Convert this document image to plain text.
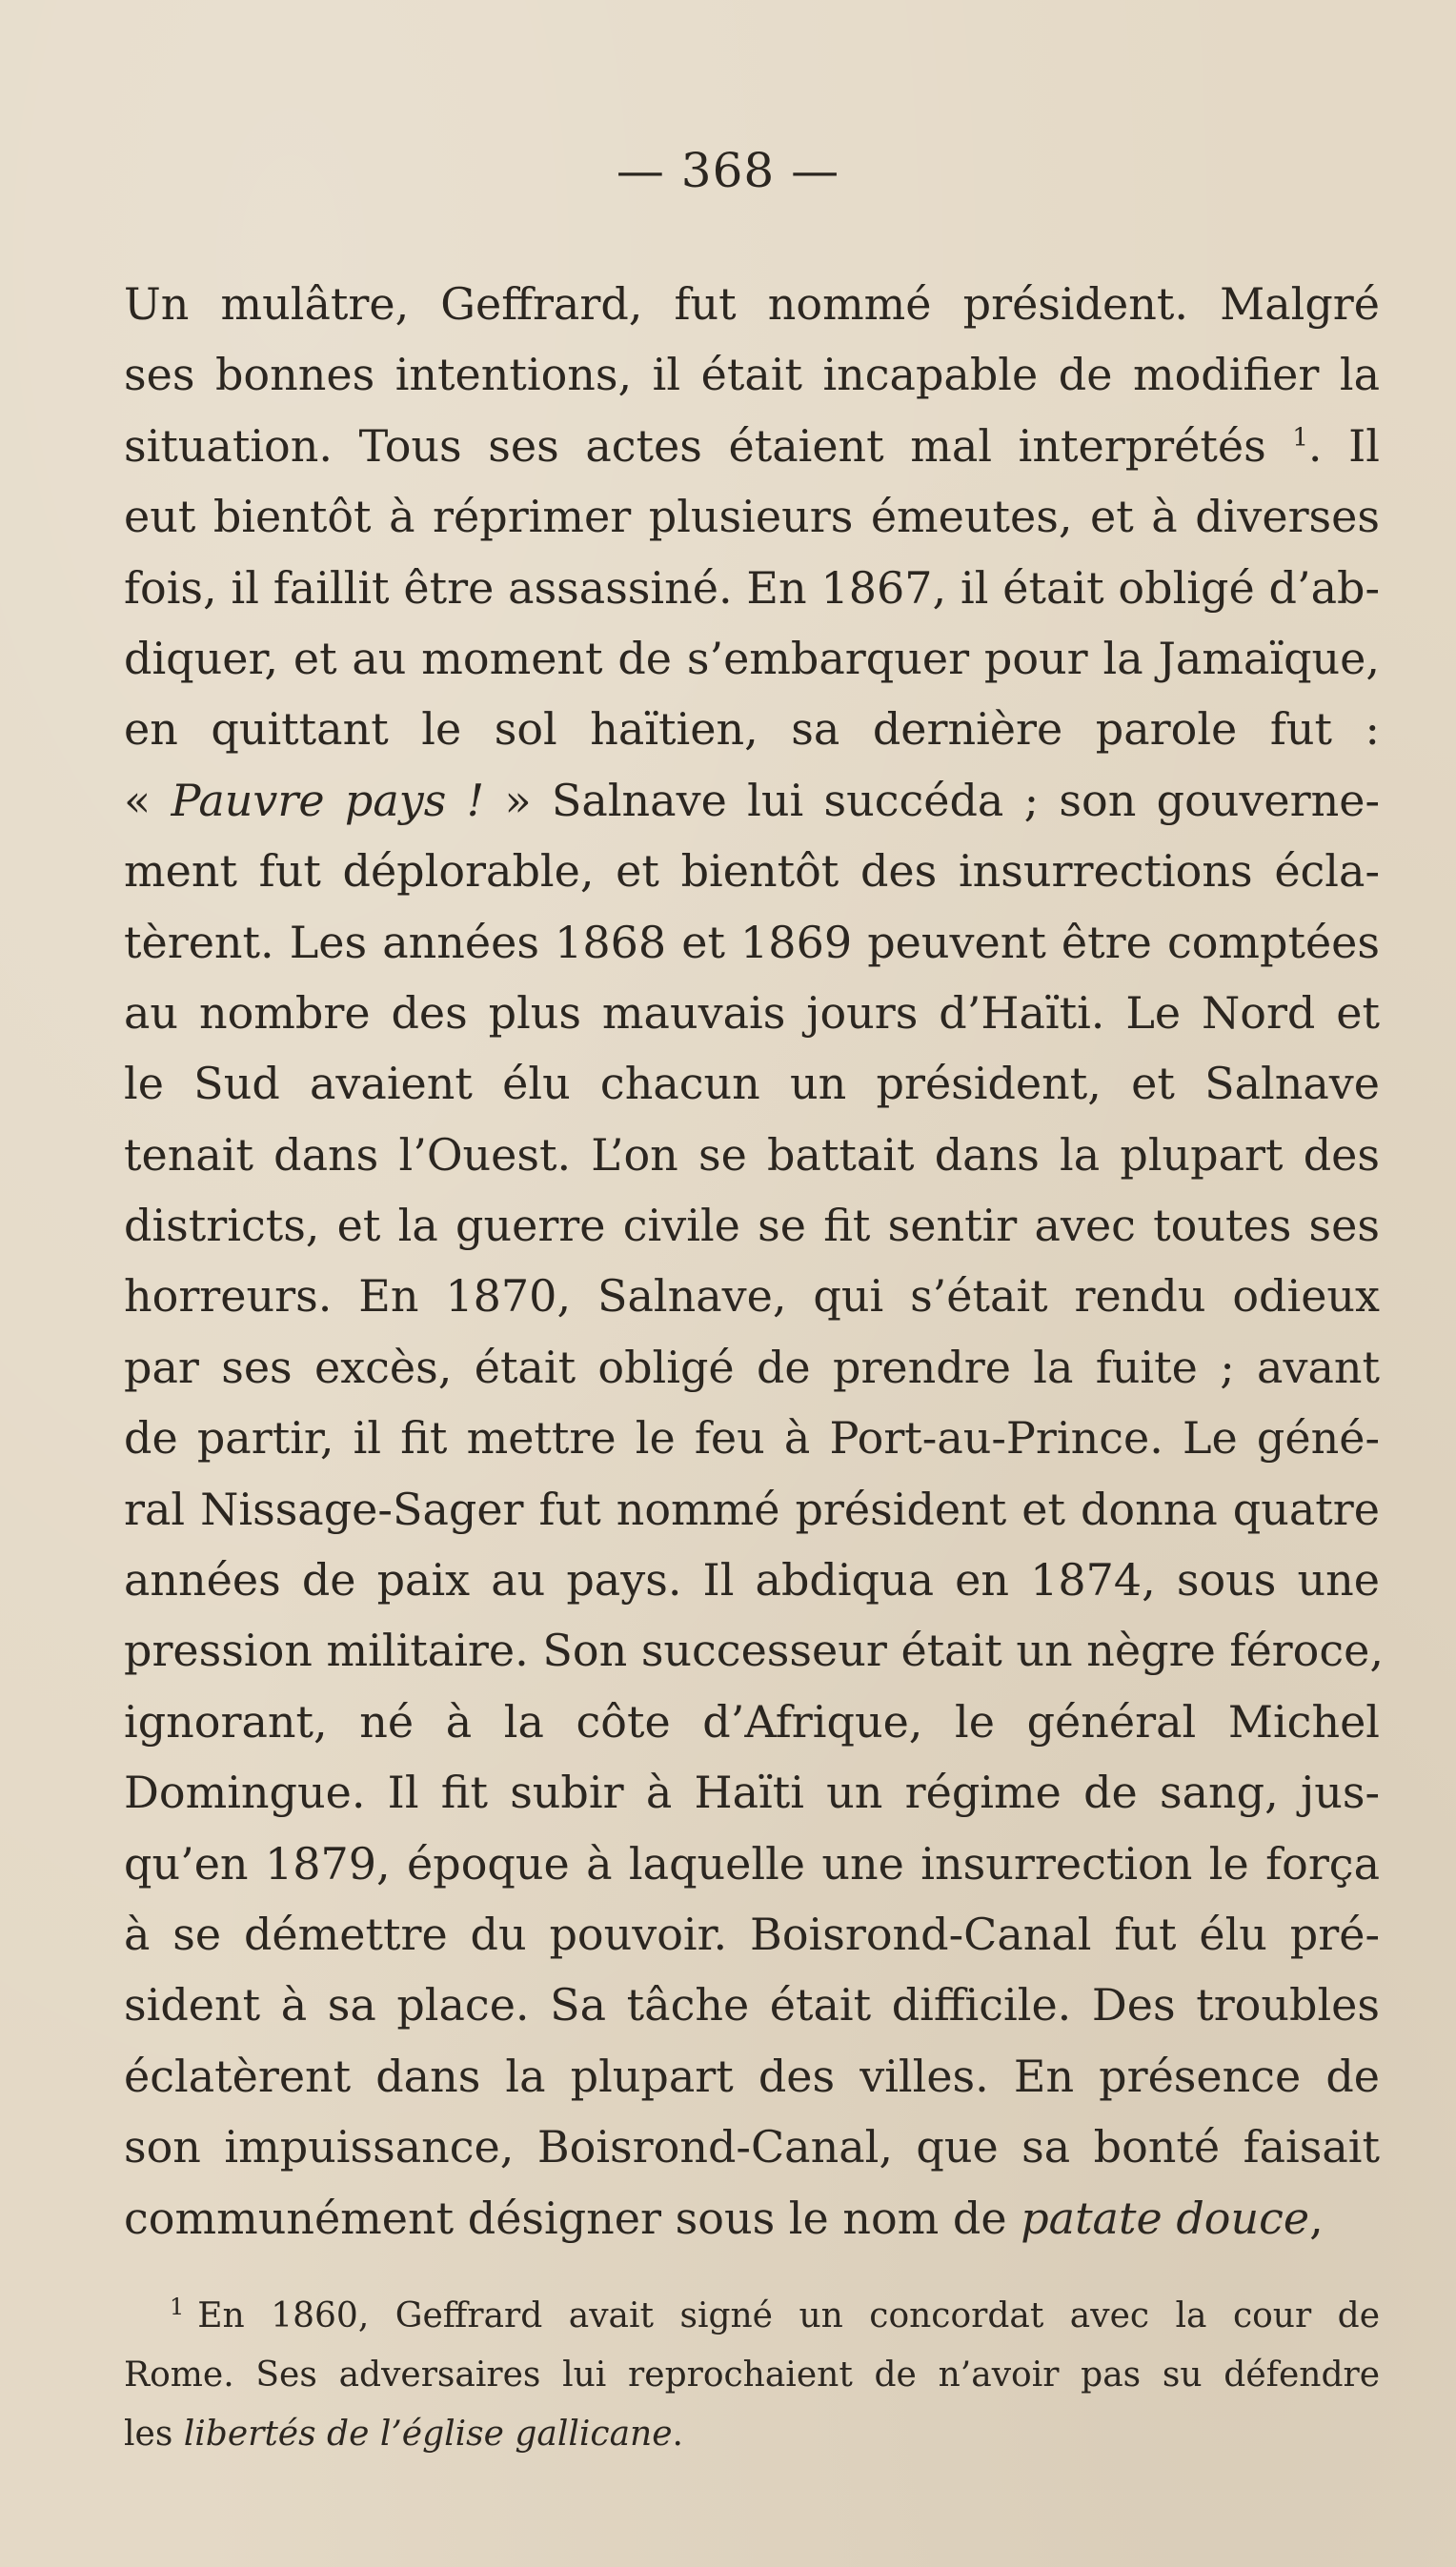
— 368 —
Un mulâtre, Geffrard, fut nommé président. Malgré
ses bonnes intentions, il était incapable de modifier la
situation. Tous ses actes étaient mal interprétés $^1$. Il
eut bientôt à réprimer plusieurs émeutes, et à diverses
fois, il faillit être assassiné. En 1867, il était obligé d’ab-
diquer, et au moment de s’embarquer pour la Jamaïque,
en quittant le sol haïtien, sa dernière parole fut :
« Pauvre pays ! » Salnave lui succéda ; son gouverne-
ment fut déplorable, et bientôt des insurrections écla-
tèrent. Les années 1868 et 1869 peuvent être comptées
au nombre des plus mauvais jours d’Haïti. Le Nord et
le Sud avaient élu chacun un président, et Salnave
tenait dans l’Ouest. L’on se battait dans la plupart des
districts, et la guerre civile se fit sentir avec toutes ses
horreurs. En 1870, Salnave, qui s’était rendu odieux
par ses excès, était obligé de prendre la fuite ; avant
de partir, il fit mettre le feu à Port-au-Prince. Le géné-
ral Nissage-Sager fut nommé président et donna quatre
années de paix au pays. Il abdiqua en 1874, sous une
pression militaire. Son successeur était un nègre féroce,
ignorant, né à la côte d’Afrique, le général Michel
Domingue. Il fit subir à Haïti un régime de sang, jus-
qu’en 1879, époque à laquelle une insurrection le força
à se démettre du pouvoir. Boisrond-Canal fut élu pré-
sident à sa place. Sa tâche était difficile. Des troubles
éclatèrent dans la plupart des villes. En présence de
son impuissance, Boisrond-Canal, que sa bonté faisait
communément désigner sous le nom de patate douce,
$^1$ En 1860, Geffrard avait signé un concordat avec la cour de
Rome. Ses adversaires lui reprochaient de n’avoir pas su défendre
les libertés de l’église gallicane.
